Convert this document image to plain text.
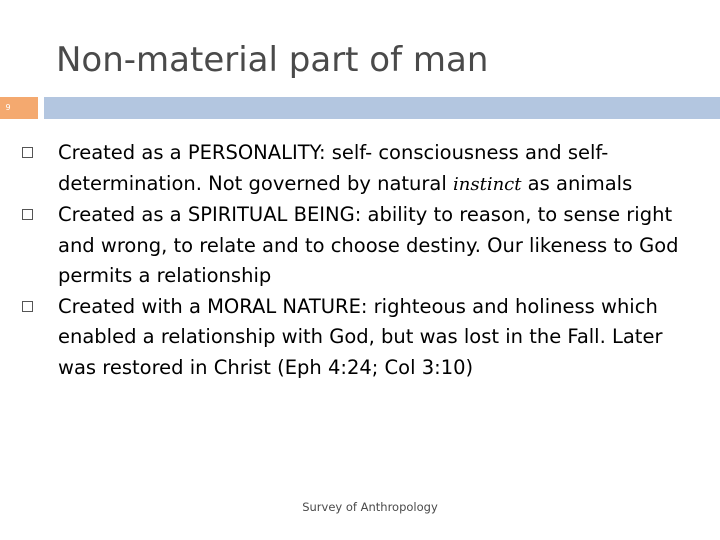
Non-material part of man
9
Created as a PERSONALITY: self- consciousness and self-determination. Not governed by natural instinct as animals
Created as a SPIRITUAL BEING: ability to reason, to sense right and wrong, to relate and to choose destiny. Our likeness to God permits a relationship
Created with a MORAL NATURE: righteous and holiness which enabled a relationship with God, but was lost in the Fall. Later was restored in Christ (Eph 4:24; Col 3:10)
Survey of Anthropology
